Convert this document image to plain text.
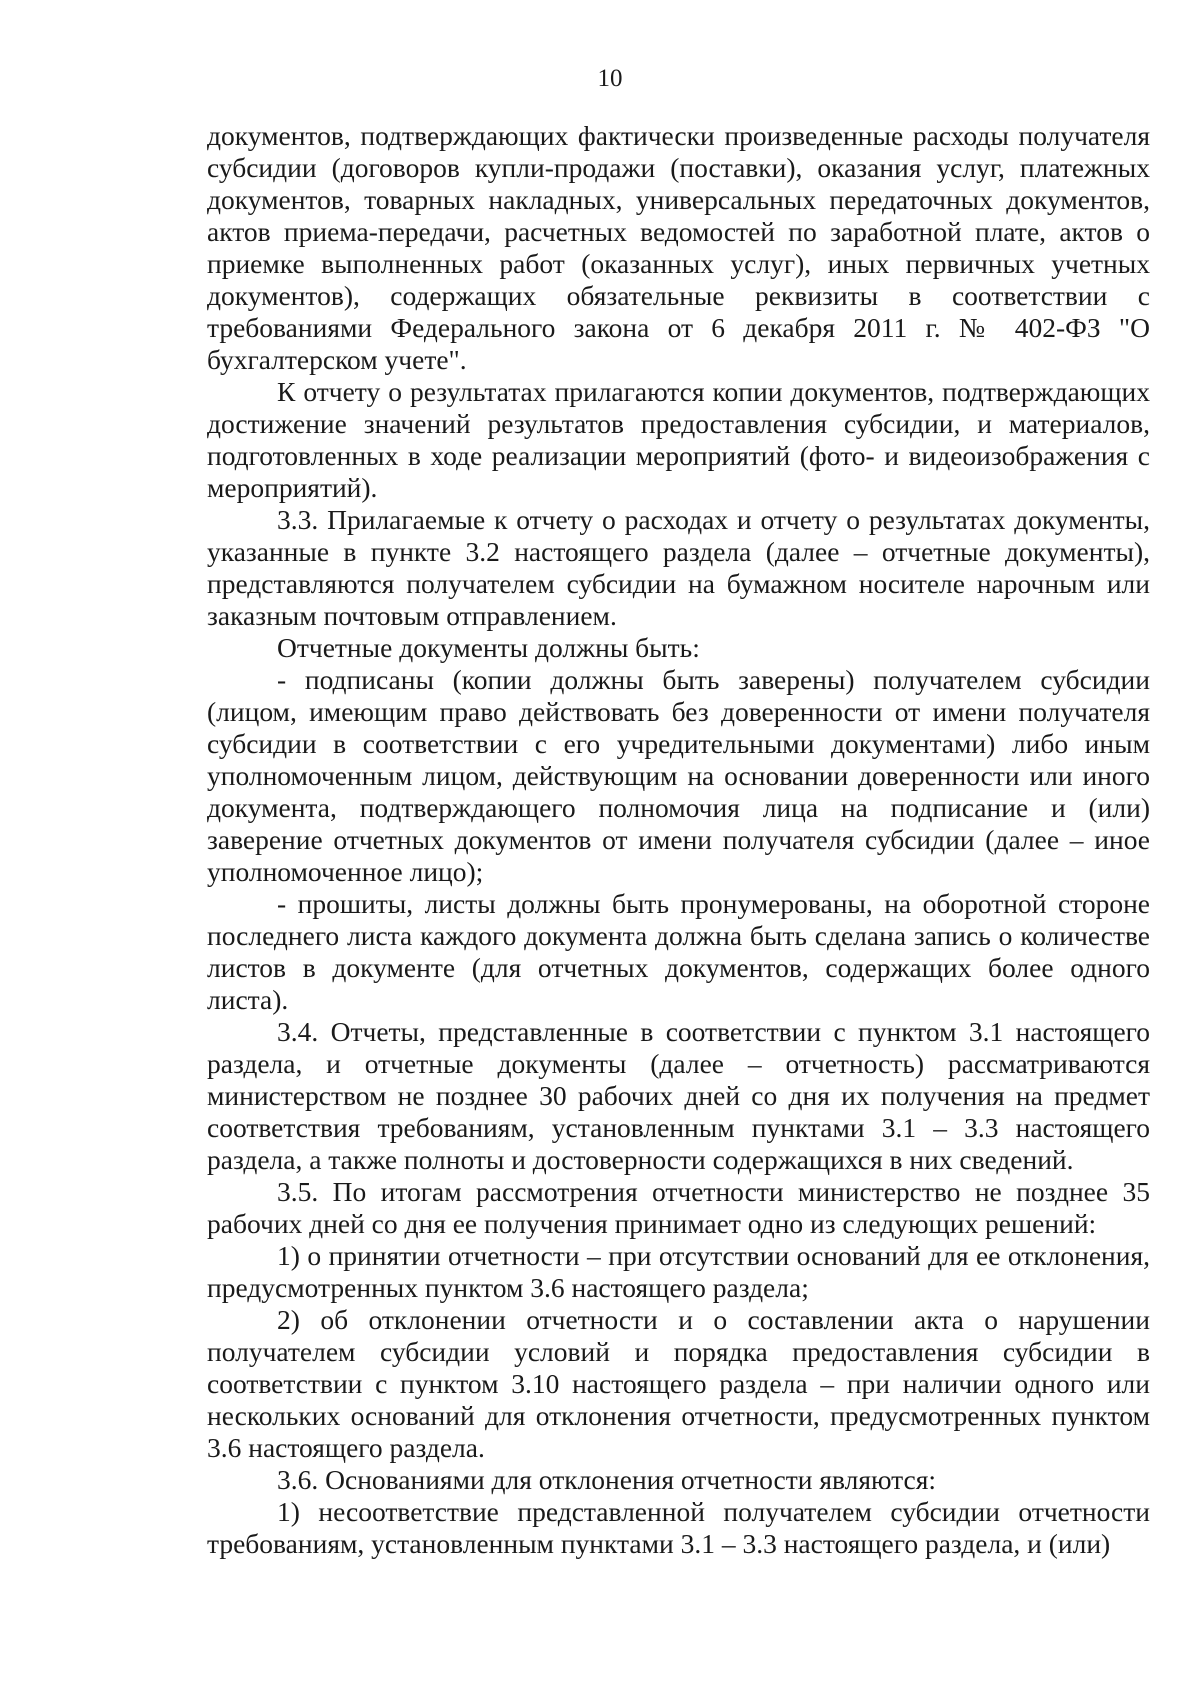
10

документов, подтверждающих фактически произведенные расходы получателя субсидии (договоров купли-продажи (поставки), оказания услуг, платежных документов, товарных накладных, универсальных передаточных документов, актов приема-передачи, расчетных ведомостей по заработной плате, актов о приемке выполненных работ (оказанных услуг), иных первичных учетных документов), содержащих обязательные реквизиты в соответствии с требованиями Федерального закона от 6 декабря 2011 г. № 402-ФЗ "О бухгалтерском учете".

К отчету о результатах прилагаются копии документов, подтверждающих достижение значений результатов предоставления субсидии, и материалов, подготовленных в ходе реализации мероприятий (фото- и видеоизображения с мероприятий).

3.3. Прилагаемые к отчету о расходах и отчету о результатах документы, указанные в пункте 3.2 настоящего раздела (далее – отчетные документы), представляются получателем субсидии на бумажном носителе нарочным или заказным почтовым отправлением.

Отчетные документы должны быть:

- подписаны (копии должны быть заверены) получателем субсидии (лицом, имеющим право действовать без доверенности от имени получателя субсидии в соответствии с его учредительными документами) либо иным уполномоченным лицом, действующим на основании доверенности или иного документа, подтверждающего полномочия лица на подписание и (или) заверение отчетных документов от имени получателя субсидии (далее – иное уполномоченное лицо);

- прошиты, листы должны быть пронумерованы, на оборотной стороне последнего листа каждого документа должна быть сделана запись о количестве листов в документе (для отчетных документов, содержащих более одного листа).

3.4. Отчеты, представленные в соответствии с пунктом 3.1 настоящего раздела, и отчетные документы (далее – отчетность) рассматриваются министерством не позднее 30 рабочих дней со дня их получения на предмет соответствия требованиям, установленным пунктами 3.1 – 3.3 настоящего раздела, а также полноты и достоверности содержащихся в них сведений.

3.5. По итогам рассмотрения отчетности министерство не позднее 35 рабочих дней со дня ее получения принимает одно из следующих решений:

1) о принятии отчетности – при отсутствии оснований для ее отклонения, предусмотренных пунктом 3.6 настоящего раздела;

2) об отклонении отчетности и о составлении акта о нарушении получателем субсидии условий и порядка предоставления субсидии в соответствии с пунктом 3.10 настоящего раздела – при наличии одного или нескольких оснований для отклонения отчетности, предусмотренных пунктом 3.6 настоящего раздела.

3.6. Основаниями для отклонения отчетности являются:

1) несоответствие представленной получателем субсидии отчетности требованиям, установленным пунктами 3.1 – 3.3 настоящего раздела, и (или)
